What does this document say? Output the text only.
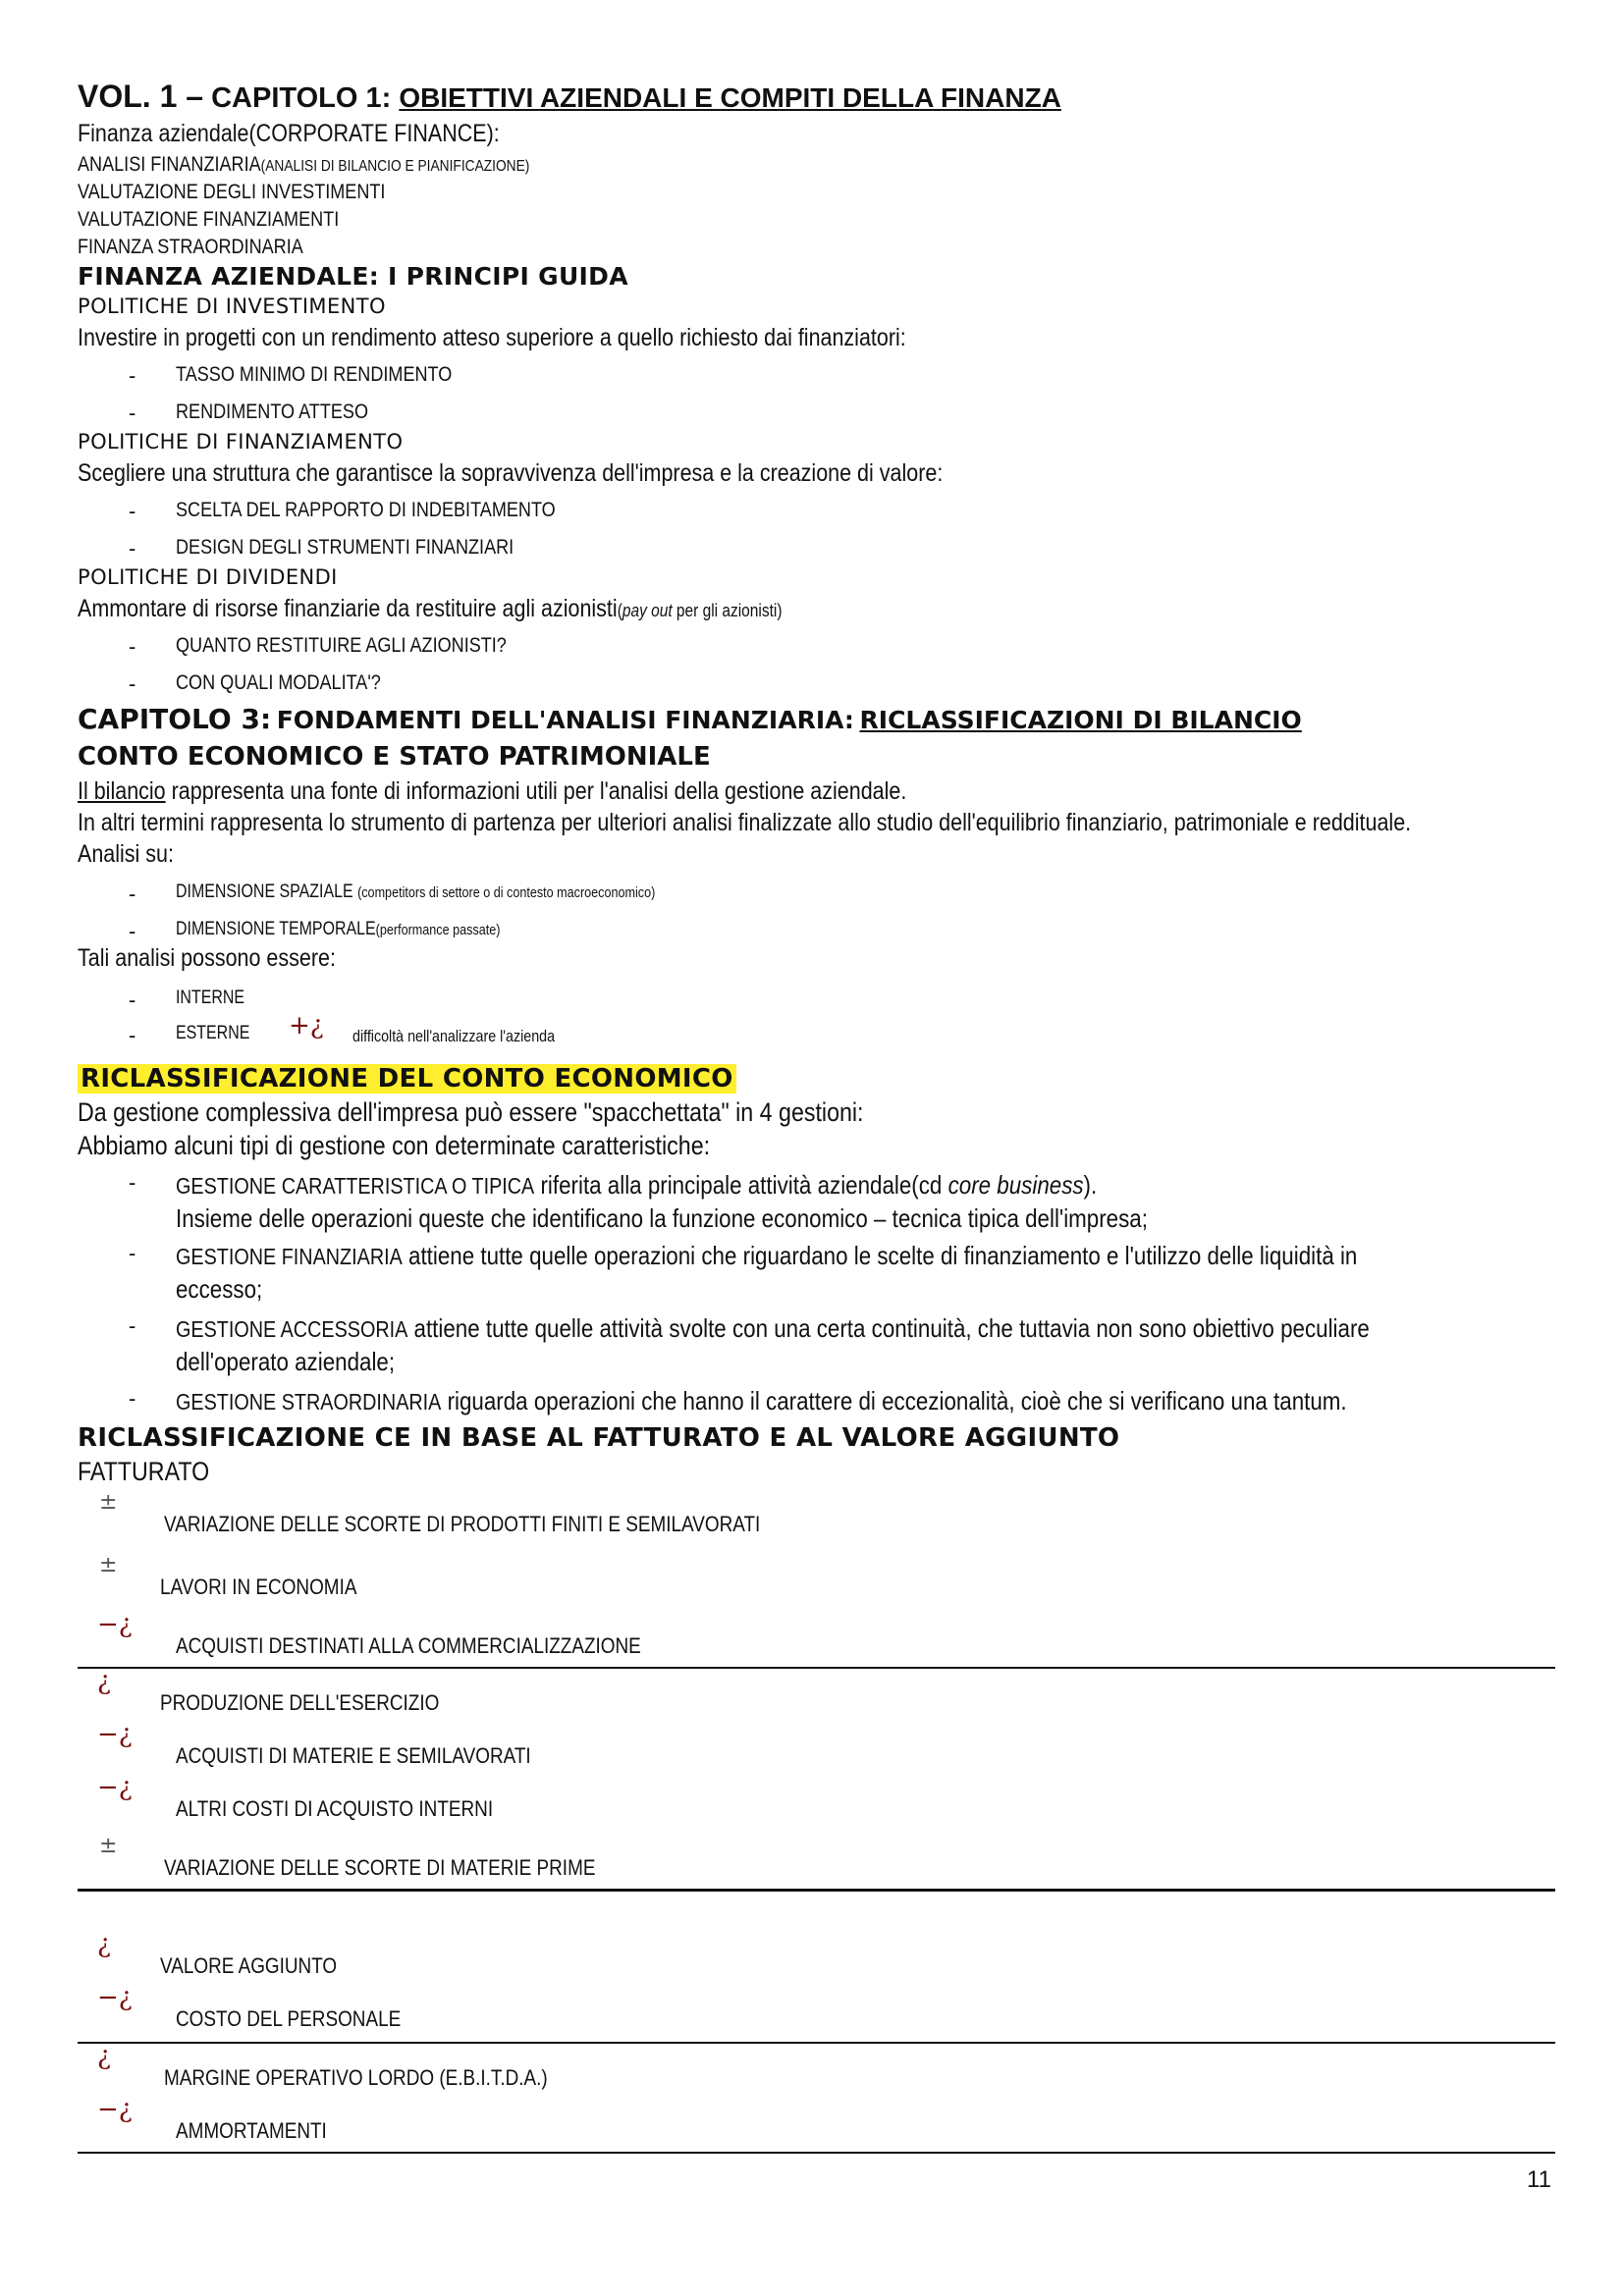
VOL. 1 – CAPITOLO 1: OBIETTIVI AZIENDALI E COMPITI DELLA FINANZA
Finanza aziendale(CORPORATE FINANCE):
ANALISI FINANZIARIA(ANALISI DI BILANCIO E PIANIFICAZIONE)
VALUTAZIONE DEGLI INVESTIMENTI
VALUTAZIONE FINANZIAMENTI
FINANZA STRAORDINARIA
FINANZA AZIENDALE: I PRINCIPI GUIDA
POLITICHE DI INVESTIMENTO
Investire in progetti con un rendimento atteso superiore a quello richiesto dai finanziatori:
- TASSO MINIMO DI RENDIMENTO
- RENDIMENTO ATTESO
POLITICHE DI FINANZIAMENTO
Scegliere una struttura che garantisce la sopravvivenza dell'impresa e la creazione di valore:
- SCELTA DEL RAPPORTO DI INDEBITAMENTO
- DESIGN DEGLI STRUMENTI FINANZIARI
POLITICHE DI DIVIDENDI
Ammontare di risorse finanziarie da restituire agli azionisti(pay out per gli azionisti)
- QUANTO RESTITUIRE AGLI AZIONISTI?
- CON QUALI MODALITA'?
CAPITOLO 3: FONDAMENTI DELL'ANALISI FINANZIARIA: RICLASSIFICAZIONI DI BILANCIO
CONTO ECONOMICO E STATO PATRIMONIALE
Il bilancio rappresenta una fonte di informazioni utili per l'analisi della gestione aziendale.
In altri termini rappresenta lo strumento di partenza per ulteriori analisi finalizzate allo studio dell'equilibrio finanziario, patrimoniale e reddituale.
Analisi su:
- DIMENSIONE SPAZIALE (competitors di settore o di contesto macroeconomico)
- DIMENSIONE TEMPORALE(performance passate)
Tali analisi possono essere:
- INTERNE
- ESTERNE +¿ difficoltà nell'analizzare l'azienda
RICLASSIFICAZIONE DEL CONTO ECONOMICO
Da gestione complessiva dell'impresa può essere "spacchettata" in 4 gestioni:
Abbiamo alcuni tipi di gestione con determinate caratteristiche:
- GESTIONE CARATTERISTICA O TIPICA riferita alla principale attività aziendale(cd core business).
Insieme delle operazioni queste che identificano la funzione economico – tecnica tipica dell'impresa;
- GESTIONE FINANZIARIA attiene tutte quelle operazioni che riguardano le scelte di finanziamento e l'utilizzo delle liquidità in
eccesso;
- GESTIONE ACCESSORIA attiene tutte quelle attività svolte con una certa continuità, che tuttavia non sono obiettivo peculiare
dell'operato aziendale;
- GESTIONE STRAORDINARIA riguarda operazioni che hanno il carattere di eccezionalità, cioè che si verificano una tantum.
RICLASSIFICAZIONE CE IN BASE AL FATTURATO E AL VALORE AGGIUNTO
FATTURATO
±
VARIAZIONE DELLE SCORTE DI PRODOTTI FINITI E SEMILAVORATI
±
LAVORI IN ECONOMIA
−¿
ACQUISTI DESTINATI ALLA COMMERCIALIZZAZIONE
¿
PRODUZIONE DELL'ESERCIZIO
−¿
ACQUISTI DI MATERIE E SEMILAVORATI
−¿
ALTRI COSTI DI ACQUISTO INTERNI
±
VARIAZIONE DELLE SCORTE DI MATERIE PRIME
¿
VALORE AGGIUNTO
−¿
COSTO DEL PERSONALE
¿
MARGINE OPERATIVO LORDO (E.B.I.T.D.A.)
−¿
AMMORTAMENTI
11
